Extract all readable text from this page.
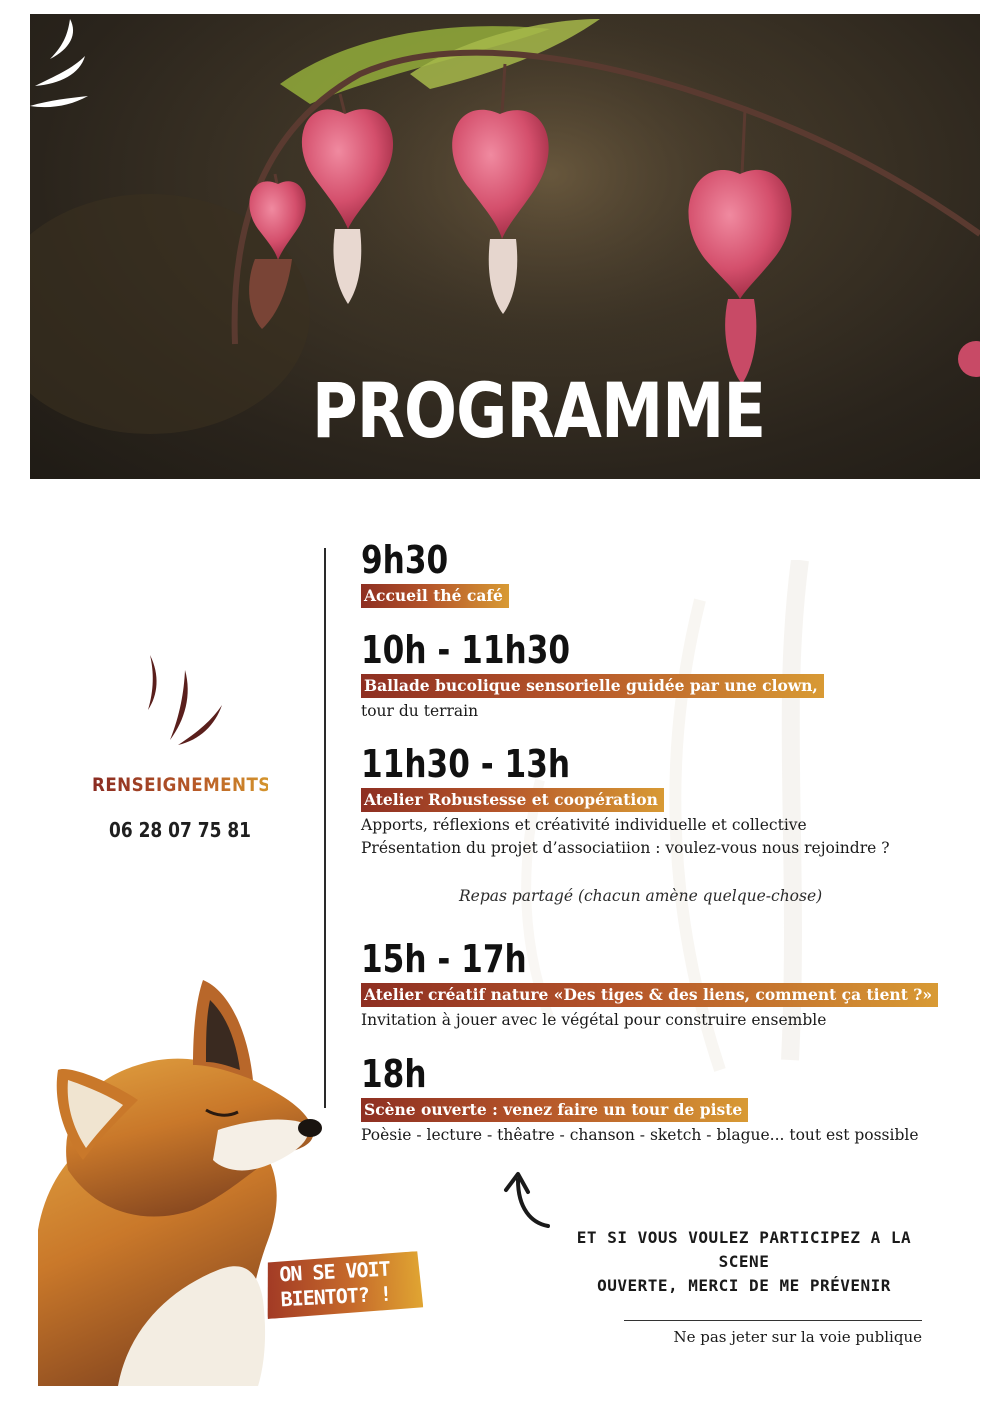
PROGRAMME
RENSEIGNEMENTS
06 28 07 75 81
9h30
Accueil thé café
10h - 11h30
Ballade bucolique sensorielle guidée par une clown,
tour du terrain
11h30 - 13h
Atelier Robustesse et coopération
Apports, réflexions et créativité individuelle et collective
Présentation du projet d’associatiion : voulez-vous nous rejoindre ?
15h - 17h
Atelier créatif nature «Des tiges & des liens, comment ça tient ?»
Invitation à jouer avec le végétal pour construire ensemble
18h
Scène ouverte : venez faire un tour de piste
Poèsie - lecture - thêatre - chanson - sketch - blague... tout est possible
Repas partagé (chacun amène quelque-chose)
ON SE VOIT
BIENTOT? !
ET SI VOUS VOULEZ PARTICIPEZ A LA SCENE
OUVERTE, MERCI DE ME PRÉVENIR
Ne pas jeter sur la voie publique
